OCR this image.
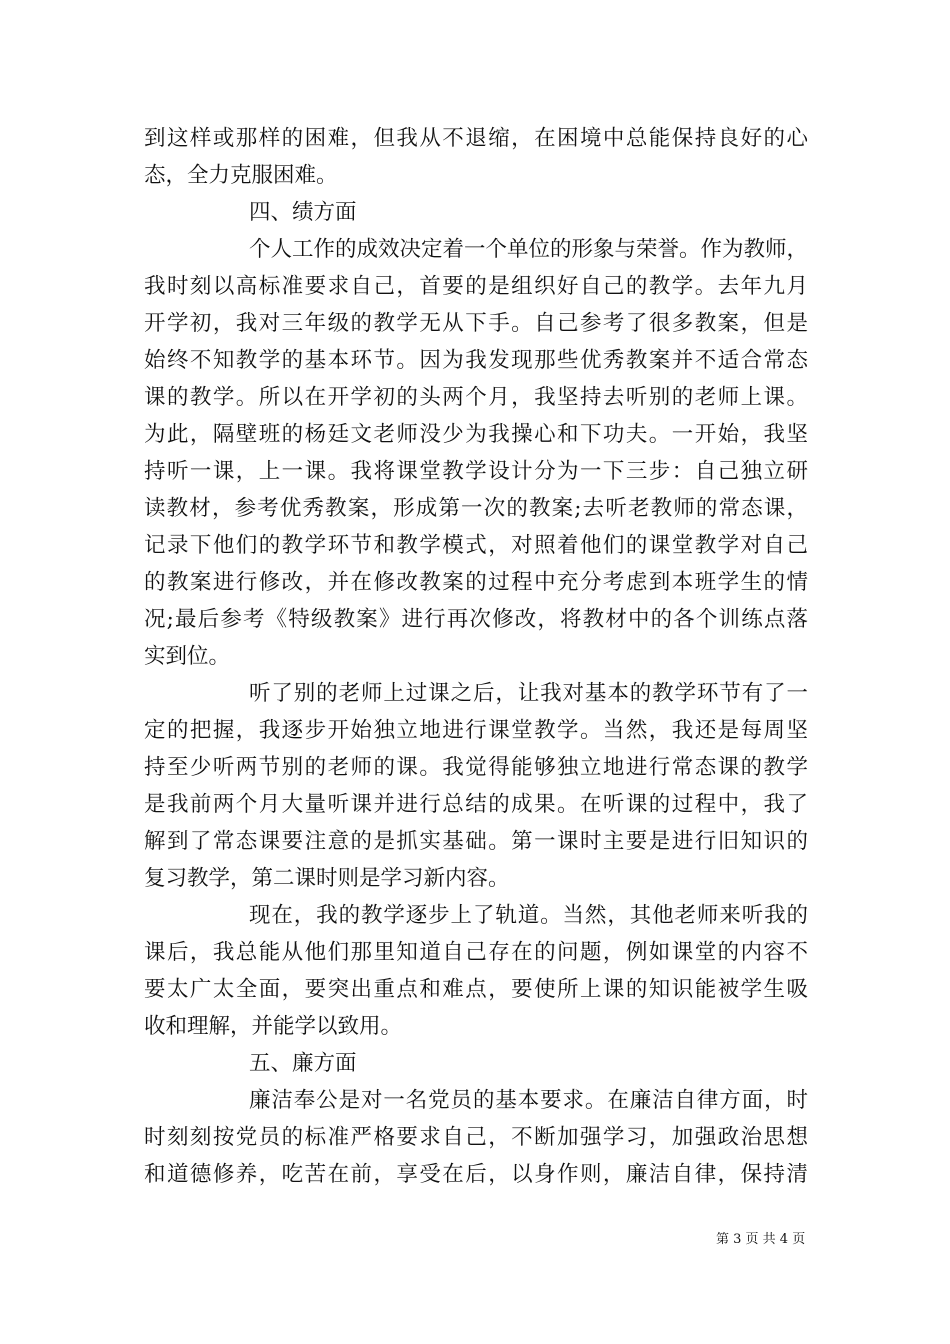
到这样或那样的困难，但我从不退缩，在困境中总能保持良好的心
态，全力克服困难。
四、绩方面
个人工作的成效决定着一个单位的形象与荣誉。作为教师，
我时刻以高标准要求自己，首要的是组织好自己的教学。去年九月
开学初，我对三年级的教学无从下手。自己参考了很多教案，但是
始终不知教学的基本环节。因为我发现那些优秀教案并不适合常态
课的教学。所以在开学初的头两个月，我坚持去听别的老师上课。
为此，隔壁班的杨廷文老师没少为我操心和下功夫。一开始，我坚
持听一课，上一课。我将课堂教学设计分为一下三步：自己独立研
读教材，参考优秀教案，形成第一次的教案;去听老教师的常态课，
记录下他们的教学环节和教学模式，对照着他们的课堂教学对自己
的教案进行修改，并在修改教案的过程中充分考虑到本班学生的情
况;最后参考《特级教案》进行再次修改，将教材中的各个训练点落
实到位。
听了别的老师上过课之后，让我对基本的教学环节有了一
定的把握，我逐步开始独立地进行课堂教学。当然，我还是每周坚
持至少听两节别的老师的课。我觉得能够独立地进行常态课的教学
是我前两个月大量听课并进行总结的成果。在听课的过程中，我了
解到了常态课要注意的是抓实基础。第一课时主要是进行旧知识的
复习教学，第二课时则是学习新内容。
现在，我的教学逐步上了轨道。当然，其他老师来听我的
课后，我总能从他们那里知道自己存在的问题，例如课堂的内容不
要太广太全面，要突出重点和难点，要使所上课的知识能被学生吸
收和理解，并能学以致用。
五、廉方面
廉洁奉公是对一名党员的基本要求。在廉洁自律方面，时
时刻刻按党员的标准严格要求自己，不断加强学习，加强政治思想
和道德修养，吃苦在前，享受在后，以身作则，廉洁自律，保持清
第 3 页 共 4 页
